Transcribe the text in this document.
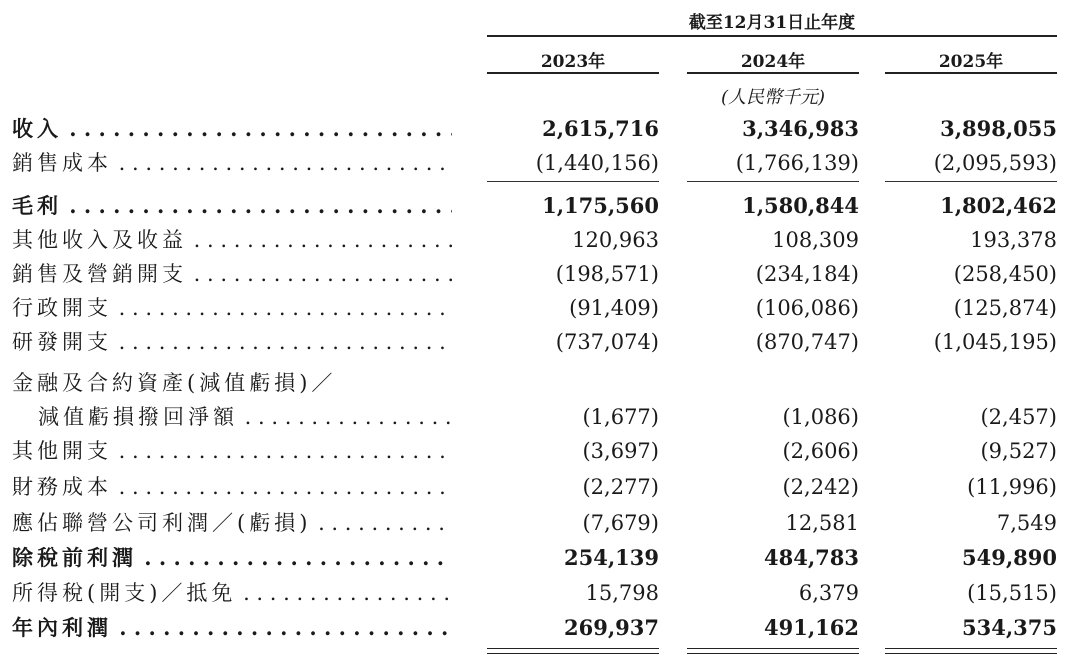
截至12月31日止年度
2023年	2024年	2025年
(人民幣千元)
收入 . . .	2,615,716	3,346,983	3,898,055
銷售成本 . . .	(1,440,156)	(1,766,139)	(2,095,593)
毛利 . . .	1,175,560	1,580,844	1,802,462
其他收入及收益 . . .	120,963	108,309	193,378
銷售及營銷開支 . . .	(198,571)	(234,184)	(258,450)
行政開支 . . .	(91,409)	(106,086)	(125,874)
研發開支 . . .	(737,074)	(870,747)	(1,045,195)
金融及合約資產(減值虧損)／
減值虧損撥回淨額 . . .	(1,677)	(1,086)	(2,457)
其他開支 . . .	(3,697)	(2,606)	(9,527)
財務成本 . . .	(2,277)	(2,242)	(11,996)
應佔聯營公司利潤／(虧損) . . .	(7,679)	12,581	7,549
除稅前利潤 . . .	254,139	484,783	549,890
所得稅(開支)／抵免 . . .	15,798	6,379	(15,515)
年內利潤 . . .	269,937	491,162	534,375
